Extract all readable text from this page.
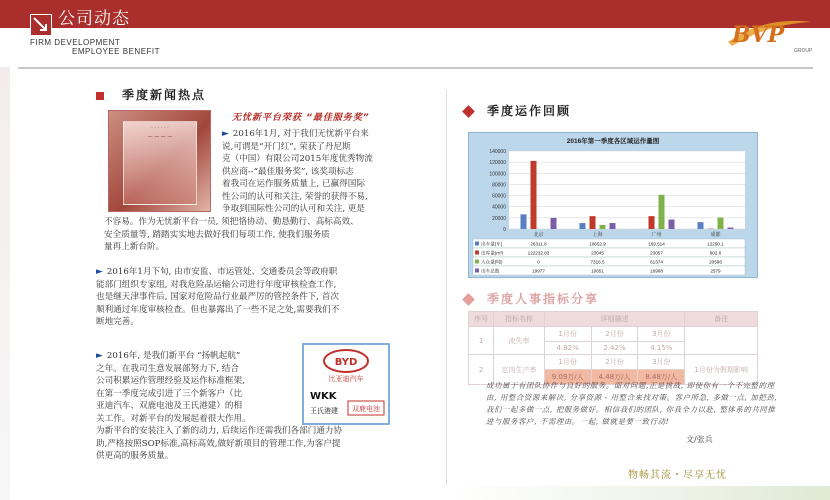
公司动态
FIRM DEVELOPMENT
EMPLOYEE BENEFIT
BVP
GROUP
季度新闻热点
· · · · · ·
— — — —
无忧新平台荣获 “最佳服务奖”
► 2016年1月, 对于我们无忧新平台来
说,可谓是“开门红”, 荣获了丹尼斯
克（中国）有限公司2015年度优秀物流
供应商--“最佳服务奖”, 该奖项标志
着我司在运作服务质量上, 已赢得国际
性公司的认可和关注, 荣誉的获得不易,
争取到国际性公司的认可和关注, 更是
不容易。作为无忧新平台一员, 须把恪协动、勤恳勤行、高标高效、
安全质量等, 踏踏实实地去做好我们每项工作, 使我们服务质
量再上新台阶。
► 2016年1月下旬, 由市安监、市运管处、交通委员会等政府职
能部门组织专家组, 对我危险品运输公司进行年度审核检查工作,
也是继天津事件后, 国家对危险品行业最严厉的管控条件下, 首次
顺利通过年度审核检查。但也暴露出了一些不足之处,需要我们不
断地完善。
► 2016年, 是我们新平台 “扬帆起航”
之年。在我司生意发展部努力下, 结合
公司积累运作管理经验及运作标准框架,
在第一季度完成引进了三个新客户（比
亚迪汽车、双鹿电池及王氏港建）的相
关工作。对新平台的发展起着很大作用。
为新平台的安装注入了新的动力, 后续运作还需我们各部门通力协
助,严格按照SOP标准,高标高效,做好新项目的管理工作,为客户提
供更高的服务质量。
BYD
比亚迪汽车
WKK
王氏港建 双鹿电池
季度运作回顾
2016年第一季度各区域运作量图
0
20000
40000
60000
80000
100000
120000
140000
北京	上海	广州	成都
出车量(车)	26311.8	10652.9	169.514	12290.1
出库量(m³)	122232.83	23045	23057	602.6
入仓量(吨)	0	7318.5	61374	20596
出车总数	19977	10651	16968	2579
季度人事指标分享
序号	指标名称	详细描述			备注
1	流失率	1月份	2月份	3月份	
		4.82%	2.42%	4.15%	
2	定岗生产率	1月份	2月份	3月份	1月份为假期影响
		9.09万/人	4.48万/人	8.48万/人	
成功属于有团队协作与良好的服务。面对问题,正是挑战, 即使你有一个不完整的理由, 用整合资源来解决, 分享资源 - 用整合来找对策。客户所急, 多做一点, 加把劲, 我们一起多做一点, 把服务做好。相信我们的团队, 你我全力以赴, 整体系的共同推进与服务客户, 不需理由。一起, 做就是要一致行动!
文/张兵
物畅其流・尽享无忧
